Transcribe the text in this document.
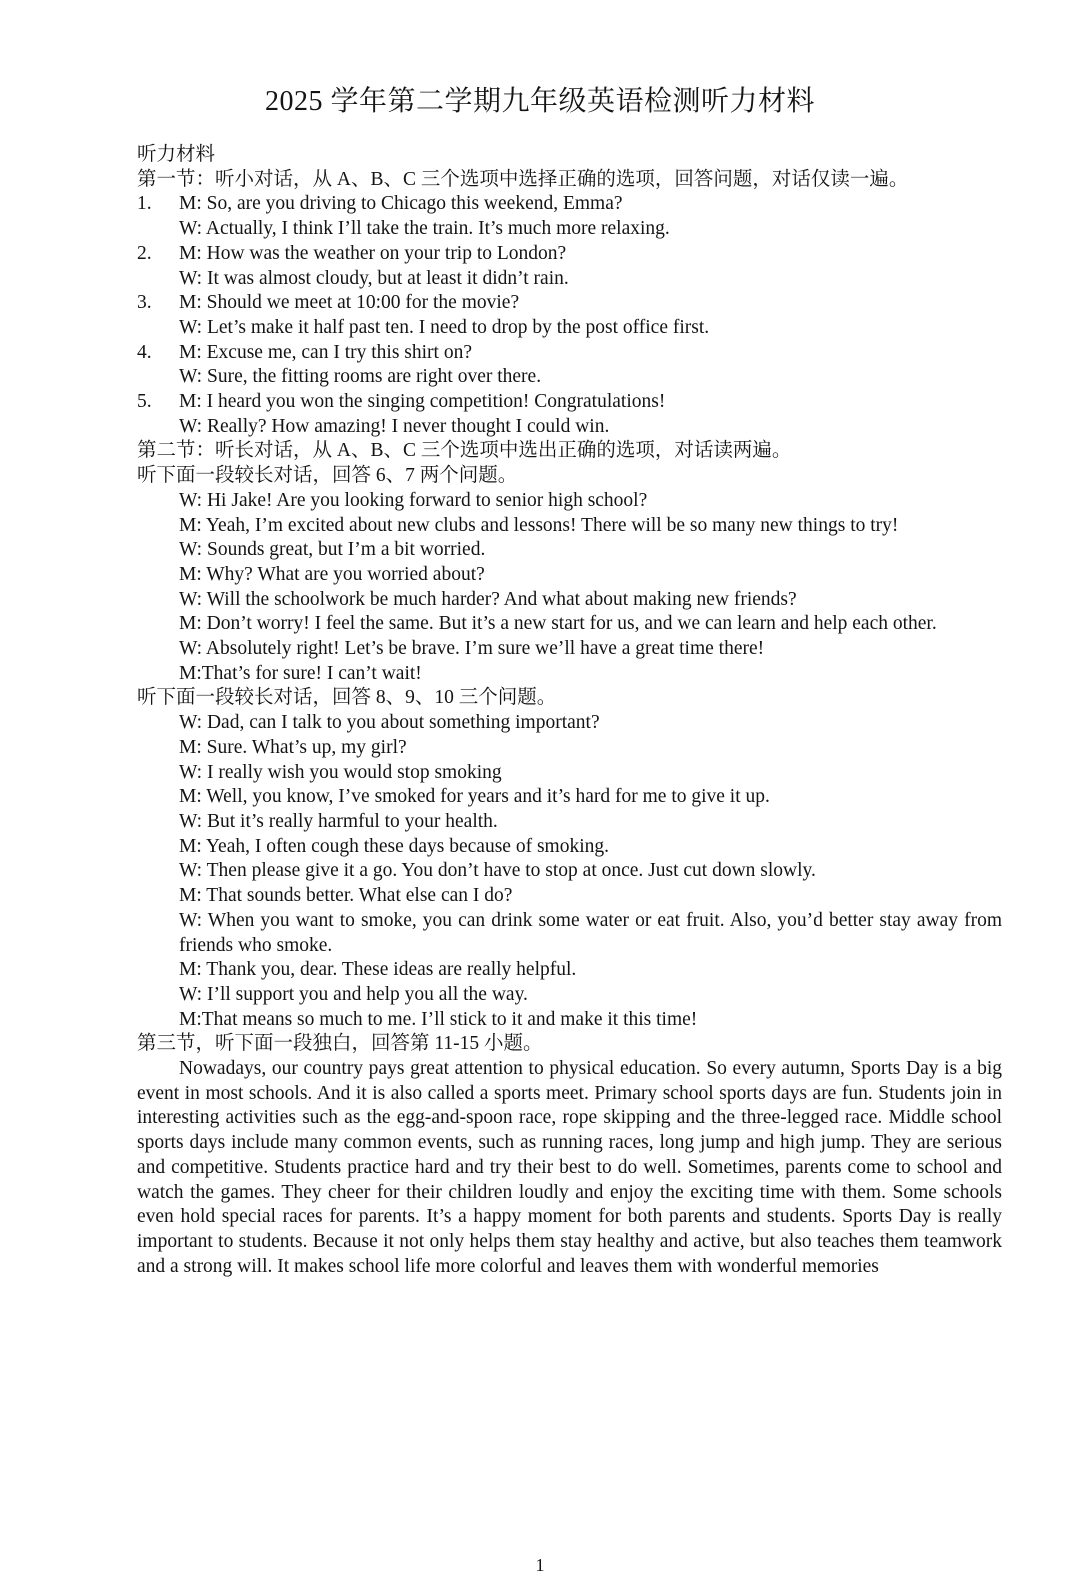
2025 学年第二学期九年级英语检测听力材料
听力材料
第一节：听小对话，从 A、B、C 三个选项中选择正确的选项，回答问题，对话仅读一遍。
1. M: So, are you driving to Chicago this weekend, Emma?
W: Actually, I think I’ll take the train. It’s much more relaxing.
2. M: How was the weather on your trip to London?
W: It was almost cloudy, but at least it didn’t rain.
3. M: Should we meet at 10:00 for the movie?
W: Let’s make it half past ten. I need to drop by the post office first.
4. M: Excuse me, can I try this shirt on?
W: Sure, the fitting rooms are right over there.
5. M: I heard you won the singing competition! Congratulations!
W: Really? How amazing! I never thought I could win.
第二节：听长对话，从 A、B、C 三个选项中选出正确的选项，对话读两遍。
听下面一段较长对话，回答 6、7 两个问题。
W: Hi Jake! Are you looking forward to senior high school?
M: Yeah, I’m excited about new clubs and lessons! There will be so many new things to try!
W: Sounds great, but I’m a bit worried.
M: Why? What are you worried about?
W: Will the schoolwork be much harder? And what about making new friends?
M: Don’t worry! I feel the same. But it’s a new start for us, and we can learn and help each other.
W: Absolutely right! Let’s be brave. I’m sure we’ll have a great time there!
M:That’s for sure! I can’t wait!
听下面一段较长对话，回答 8、9、10 三个问题。
W: Dad, can I talk to you about something important?
M: Sure. What’s up, my girl?
W: I really wish you would stop smoking
M: Well, you know, I’ve smoked for years and it’s hard for me to give it up.
W: But it’s really harmful to your health.
M: Yeah, I often cough these days because of smoking.
W: Then please give it a go. You don’t have to stop at once. Just cut down slowly.
M: That sounds better. What else can I do?
W: When you want to smoke, you can drink some water or eat fruit. Also, you’d better stay away from friends who smoke.
M: Thank you, dear. These ideas are really helpful.
W: I’ll support you and help you all the way.
M:That means so much to me. I’ll stick to it and make it this time!
第三节，听下面一段独白，回答第 11-15 小题。

Nowadays, our country pays great attention to physical education. So every autumn, Sports Day is a big event in most schools. And it is also called a sports meet. Primary school sports days are fun. Students join in interesting activities such as the egg-and-spoon race, rope skipping and the three-legged race. Middle school sports days include many common events, such as running races, long jump and high jump. They are serious and competitive. Students practice hard and try their best to do well. Sometimes, parents come to school and watch the games. They cheer for their children loudly and enjoy the exciting time with them. Some schools even hold special races for parents. It’s a happy moment for both parents and students. Sports Day is really important to students. Because it not only helps them stay healthy and active, but also teaches them teamwork and a strong will. It makes school life more colorful and leaves them with wonderful memories

1
